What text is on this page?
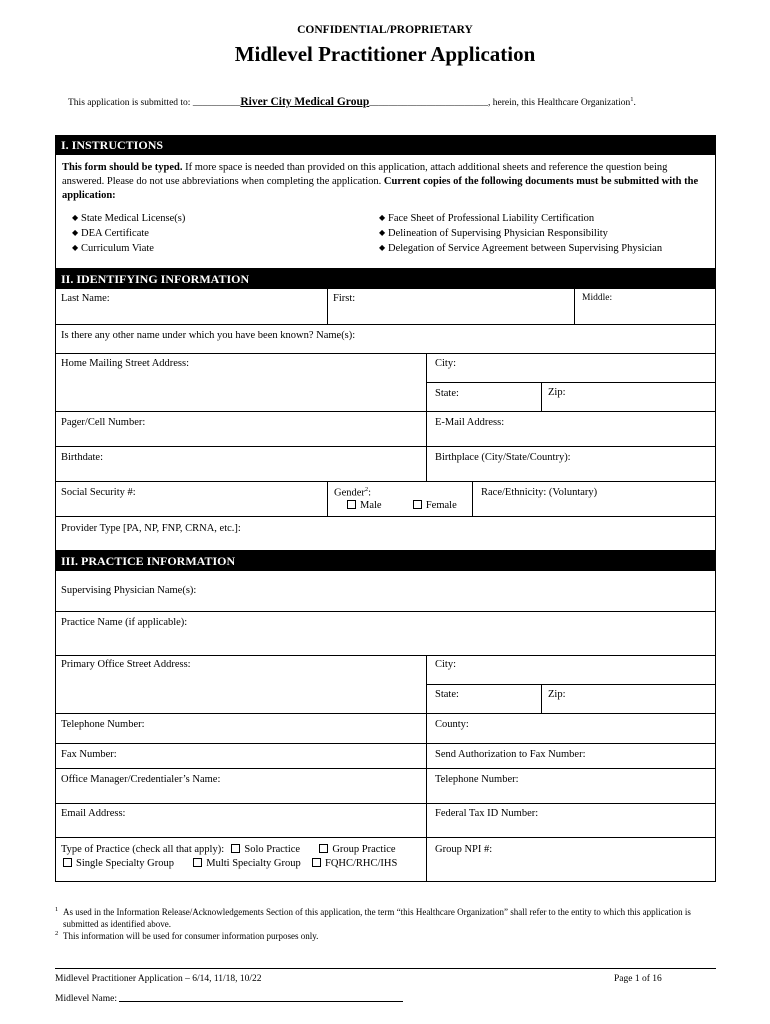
CONFIDENTIAL/PROPRIETARY
Midlevel Practitioner Application
This application is submitted to: __________River City Medical Group_________________________, herein, this Healthcare Organization$^1$.
I. INSTRUCTIONS
This form should be typed. If more space is needed than provided on this application, attach additional sheets and reference the question being answered. Please do not use abbreviations when completing the application. Current copies of the following documents must be submitted with the application:
◆ State Medical License(s)
◆ DEA Certificate
◆ Curriculum Viate
◆ Face Sheet of Professional Liability Certification
◆ Delineation of Supervising Physician Responsibility
◆ Delegation of Service Agreement between Supervising Physician
II. IDENTIFYING INFORMATION
Last Name:	First:	Middle:
Is there any other name under which you have been known? Name(s):
Home Mailing Street Address:	City:
State:	Zip:
Pager/Cell Number:	E-Mail Address:
Birthdate:	Birthplace (City/State/Country):
Social Security #:	Gender$^2$:
Male	Female
Race/Ethnicity: (Voluntary)
Provider Type [PA, NP, FNP, CRNA, etc.]:
III. PRACTICE INFORMATION
Supervising Physician Name(s):
Practice Name (if applicable):
Primary Office Street Address:	City:
State:	Zip:
Telephone Number:	County:
Fax Number:	Send Authorization to Fax Number:
Office Manager/Credentialer’s Name:	Telephone Number:
Email Address:	Federal Tax ID Number:
Type of Practice (check all that apply): Solo Practice	Group Practice
Single Specialty Group	Multi Specialty Group FQHC/RHC/IHS
Group NPI #:
1 As used in the Information Release/Acknowledgements Section of this application, the term “this Healthcare Organization” shall refer to the entity to which this application is submitted as identified above.
2 This information will be used for consumer information purposes only.
Midlevel Practitioner Application – 6/14, 11/18, 10/22	Page 1 of 16
Midlevel Name:
